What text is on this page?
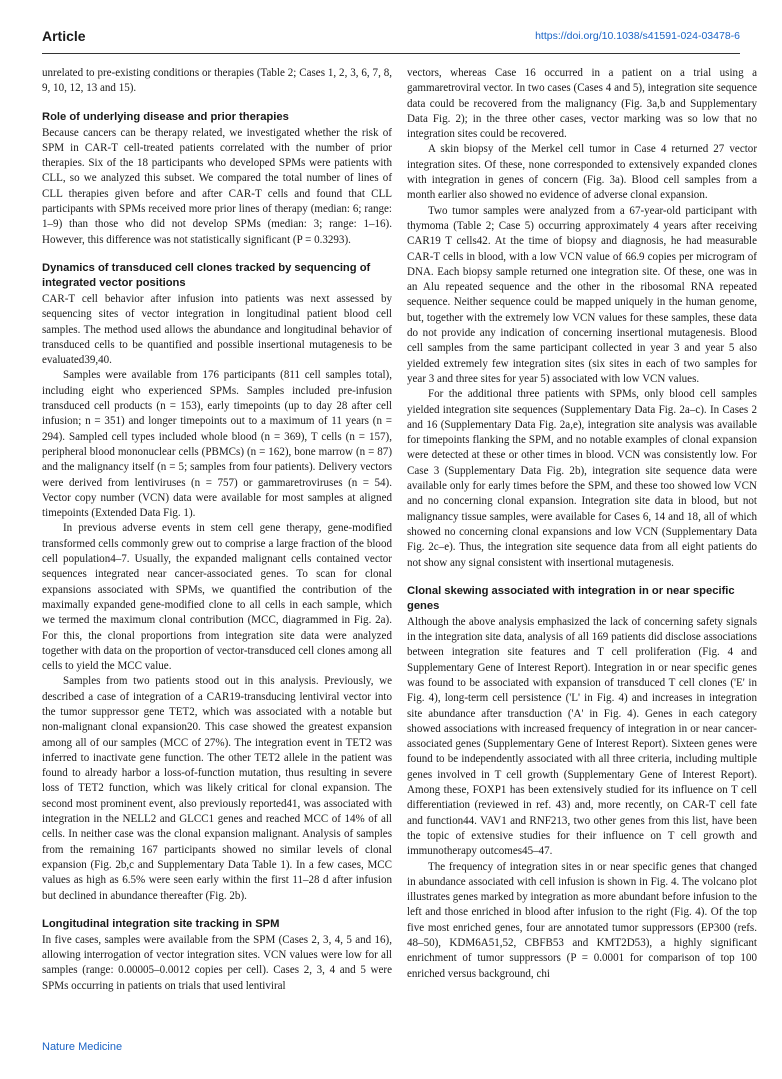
Article	https://doi.org/10.1038/s41591-024-03478-6

unrelated to pre-existing conditions or therapies (Table 2; Cases 1, 2, 3, 6, 7, 8, 9, 10, 12, 13 and 15).

Role of underlying disease and prior therapies

Because cancers can be therapy related, we investigated whether the risk of SPM in CAR-T cell-treated patients correlated with the number of prior therapies. Six of the 18 participants who developed SPMs were patients with CLL, so we analyzed this subset. We compared the total number of lines of CLL therapies given before and after CAR-T cells and found that CLL participants with SPMs received more prior lines of therapy (median: 6; range: 1–9) than those who did not develop SPMs (median: 3; range: 1–16). However, this difference was not statistically significant (P = 0.3293).

Dynamics of transduced cell clones tracked by sequencing of integrated vector positions

CAR-T cell behavior after infusion into patients was next assessed by sequencing sites of vector integration in longitudinal patient blood cell samples. The method used allows the abundance and longitudinal behavior of transduced cells to be quantified and possible insertional mutagenesis to be evaluated39,40.

Samples were available from 176 participants (811 cell samples total), including eight who experienced SPMs. Samples included pre-infusion transduced cell products (n = 153), early timepoints (up to day 28 after cell infusion; n = 351) and longer timepoints out to a maximum of 11 years (n = 294). Sampled cell types included whole blood (n = 369), T cells (n = 157), peripheral blood mononuclear cells (PBMCs) (n = 162), bone marrow (n = 87) and the malignancy itself (n = 5; samples from four patients). Delivery vectors were derived from lentiviruses (n = 757) or gammaretroviruses (n = 54). Vector copy number (VCN) data were available for most samples at aligned timepoints (Extended Data Fig. 1).

In previous adverse events in stem cell gene therapy, gene-modified transformed cells commonly grew out to comprise a large fraction of the blood cell population4–7. Usually, the expanded malignant cells contained vector sequences integrated near cancer-associated genes. To scan for clonal expansions associated with SPMs, we quantified the contribution of the maximally expanded gene-modified clone to all cells in each sample, which we termed the maximum clonal contribution (MCC, diagrammed in Fig. 2a). For this, the clonal proportions from integration site data were analyzed together with data on the proportion of vector-transduced cell clones among all cells to yield the MCC value.

Samples from two patients stood out in this analysis. Previously, we described a case of integration of a CAR19-transducing lentiviral vector into the tumor suppressor gene TET2, which was associated with a notable but non-malignant clonal expansion20. This case showed the greatest expansion among all of our samples (MCC of 27%). The integration event in TET2 was inferred to inactivate gene function. The other TET2 allele in the patient was found to already harbor a loss-of-function mutation, thus resulting in severe loss of TET2 function, which was likely critical for clonal expansion. The second most prominent event, also previously reported41, was associated with integration in the NELL2 and GLCC1 genes and reached MCC of 14% of all cells. In neither case was the clonal expansion malignant. Analysis of samples from the remaining 167 participants showed no similar levels of clonal expansion (Fig. 2b,c and Supplementary Data Table 1). In a few cases, MCC values as high as 6.5% were seen early within the first 11–28 d after infusion but declined in abundance thereafter (Fig. 2b).

Longitudinal integration site tracking in SPM

In five cases, samples were available from the SPM (Cases 2, 3, 4, 5 and 16), allowing interrogation of vector integration sites. VCN values were low for all samples (range: 0.00005–0.0012 copies per cell). Cases 2, 3, 4 and 5 were SPMs occurring in patients on trials that used lentiviral

vectors, whereas Case 16 occurred in a patient on a trial using a gammaretroviral vector. In two cases (Cases 4 and 5), integration site sequence data could be recovered from the malignancy (Fig. 3a,b and Supplementary Data Fig. 2); in the three other cases, vector marking was so low that no integration sites could be recovered.

A skin biopsy of the Merkel cell tumor in Case 4 returned 27 vector integration sites. Of these, none corresponded to extensively expanded clones with integration in genes of concern (Fig. 3a). Blood cell samples from a month earlier also showed no evidence of adverse clonal expansion.

Two tumor samples were analyzed from a 67-year-old participant with thymoma (Table 2; Case 5) occurring approximately 4 years after receiving CAR19 T cells42. At the time of biopsy and diagnosis, he had measurable CAR-T cells in blood, with a low VCN value of 66.9 copies per microgram of DNA. Each biopsy sample returned one integration site. Of these, one was in an Alu repeated sequence and the other in the ribosomal RNA repeated sequence. Neither sequence could be mapped uniquely in the human genome, but, together with the extremely low VCN values for these samples, these data do not provide any indication of concerning insertional mutagenesis. Blood cell samples from the same participant collected in year 3 and year 5 also yielded extremely few integration sites (six sites in each of two samples for year 3 and three sites for year 5) associated with low VCN values.

For the additional three patients with SPMs, only blood cell samples yielded integration site sequences (Supplementary Data Fig. 2a–c). In Cases 2 and 16 (Supplementary Data Fig. 2a,e), integration site analysis was available for timepoints flanking the SPM, and no notable examples of clonal expansion were detected at these or other times in blood. VCN was consistently low. For Case 3 (Supplementary Data Fig. 2b), integration site sequence data were available only for early times before the SPM, and these too showed low VCN and no concerning clonal expansion. Integration site data in blood, but not malignancy tissue samples, were available for Cases 6, 14 and 18, all of which showed no concerning clonal expansions and low VCN (Supplementary Data Fig. 2c–e). Thus, the integration site sequence data from all eight patients do not show any signal consistent with insertional mutagenesis.

Clonal skewing associated with integration in or near specific genes

Although the above analysis emphasized the lack of concerning safety signals in the integration site data, analysis of all 169 patients did disclose associations between integration site features and T cell proliferation (Fig. 4 and Supplementary Gene of Interest Report). Integration in or near specific genes was found to be associated with expansion of transduced T cell clones ('E' in Fig. 4), long-term cell persistence ('L' in Fig. 4) and increases in integration site abundance after transduction ('A' in Fig. 4). Genes in each category showed associations with increased frequency of integration in or near cancer-associated genes (Supplementary Gene of Interest Report). Sixteen genes were found to be independently associated with all three criteria, including multiple genes involved in T cell growth (Supplementary Gene of Interest Report). Among these, FOXP1 has been extensively studied for its influence on T cell differentiation (reviewed in ref. 43) and, more recently, on CAR-T cell fate and function44. VAV1 and RNF213, two other genes from this list, have been the topic of extensive studies for their influence on T cell growth and immunotherapy outcomes45–47.

The frequency of integration sites in or near specific genes that changed in abundance associated with cell infusion is shown in Fig. 4. The volcano plot illustrates genes marked by integration as more abundant before infusion to the left and those enriched in blood after infusion to the right (Fig. 4). Of the top five most enriched genes, four are annotated tumor suppressors (EP300 (refs. 48–50), KDM6A51,52, CBFB53 and KMT2D53), a highly significant enrichment of tumor suppressors (P = 0.0001 for comparison of top 100 enriched versus background, chi

Nature Medicine
